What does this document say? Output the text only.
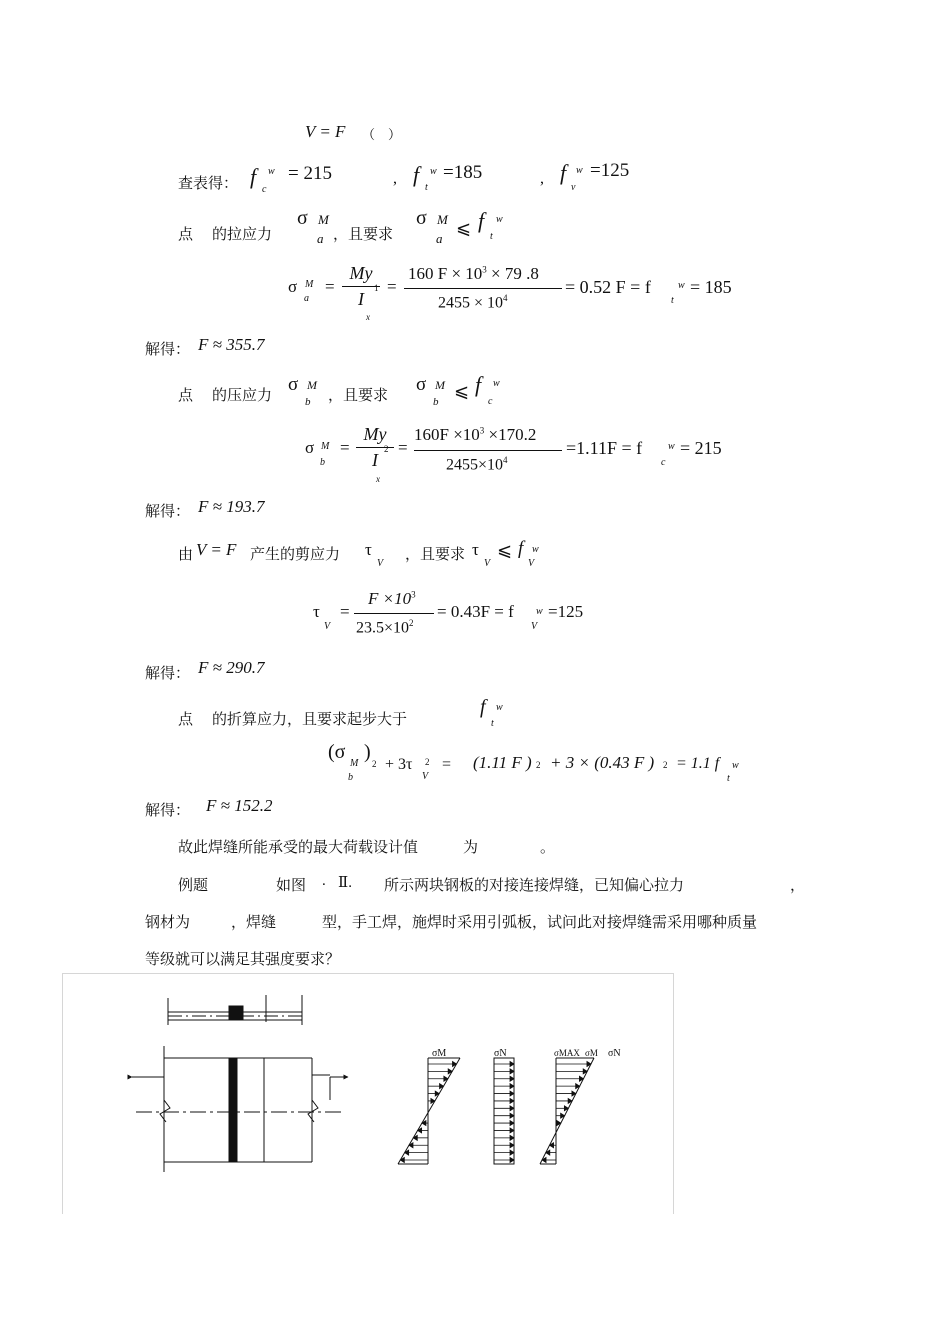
V = F （　）
查表得： f w
c
= 215	, f w
t
=185	, f w
v
=125
点 的拉应力
σ M
a ，且要求
σ M
a
⩽ f w
t
σ M
a
= $\frac{My}{I}$
1
x
=
160 $F \times 10^3 \times 79$ .8
$2455 \times 10^4$
= 0.52 F = f	w
t
= 185
解得： F ≈ 355.7
点 的压应力 σ M
b ，且要求 σ M
b
⩽ f w
c
σ M
b
= $\frac{My}{I}$
2
x
=
$160F \times 10^3 \times 170.2$
$2455\times 10^4$
=1.11F = f	w
c
= 215
解得： F ≈ 193.7
由 V = F 产生的剪应力 τ
V
，且要求 τ
V
⩽ f w
V
τ
V
=
$F \times 10^3$
$23.5\times 10^2$
= 0.43F = f w
V
=125
解得： F ≈ 290.7
点 的折算应力，且要求起步大于
f w
t
(σ )
M
b
2 + 3τ 2
V
= (1.11 F ) 2 + 3 × (0.43 F ) 2 = 1.1 f w
t
解得： F ≈ 152.2
故此焊缝所能承受的最大荷载设计值	为	。
例题	如图 . Ⅱ. 所示两块钢板的对接连接焊缝，已知偏心拉力	，
钢材为	，焊缝	型，手工焊，施焊时采用引弧板，试问此对接焊缝需采用哪种质量
等级就可以满足其强度要求？
σM	σN	σMAX σM σN
